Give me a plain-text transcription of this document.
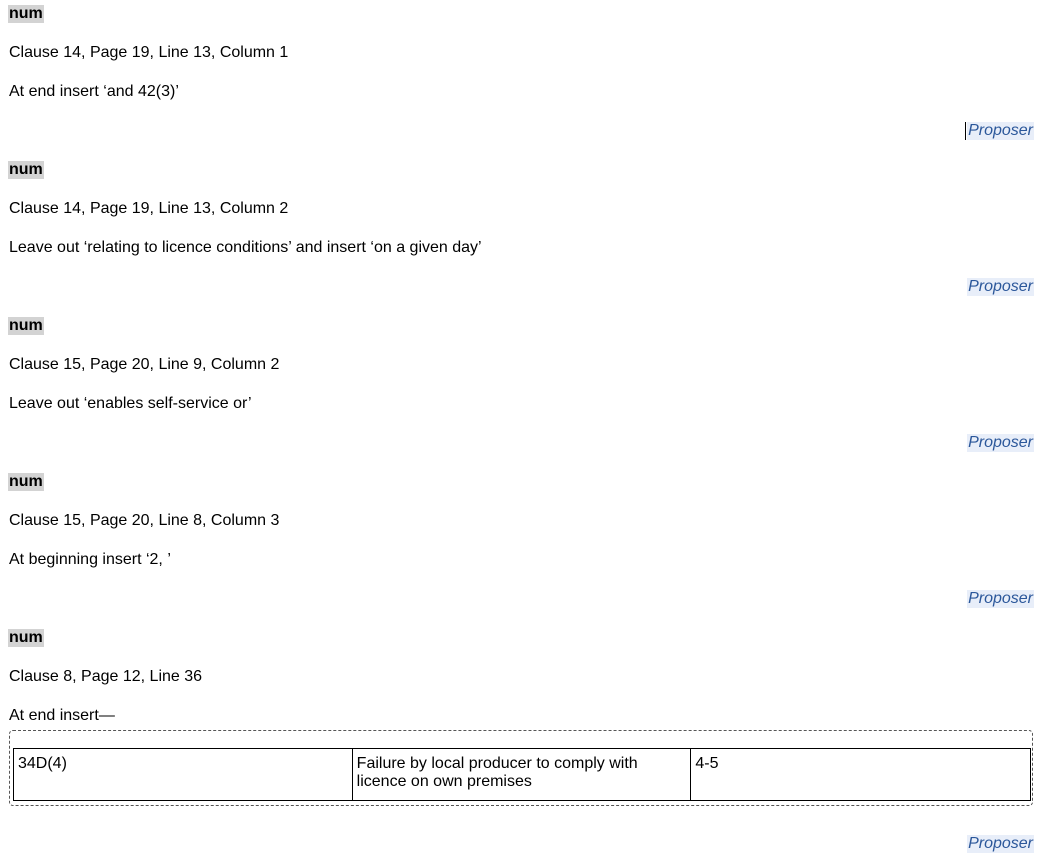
num
Clause 14, Page 19, Line 13, Column 1
At end insert ‘and 42(3)’
Proposer
num
Clause 14, Page 19, Line 13, Column 2
Leave out ‘relating to licence conditions’ and insert ‘on a given day’
Proposer
num
Clause 15, Page 20, Line 9, Column 2
Leave out ‘enables self-service or’
Proposer
num
Clause 15, Page 20, Line 8, Column 3
At beginning insert ‘2, ’
Proposer
num
Clause 8, Page 12, Line 36
At end insert—
Proposer
34D(4)	Failure by local producer to comply with licence on own premises	4-5
